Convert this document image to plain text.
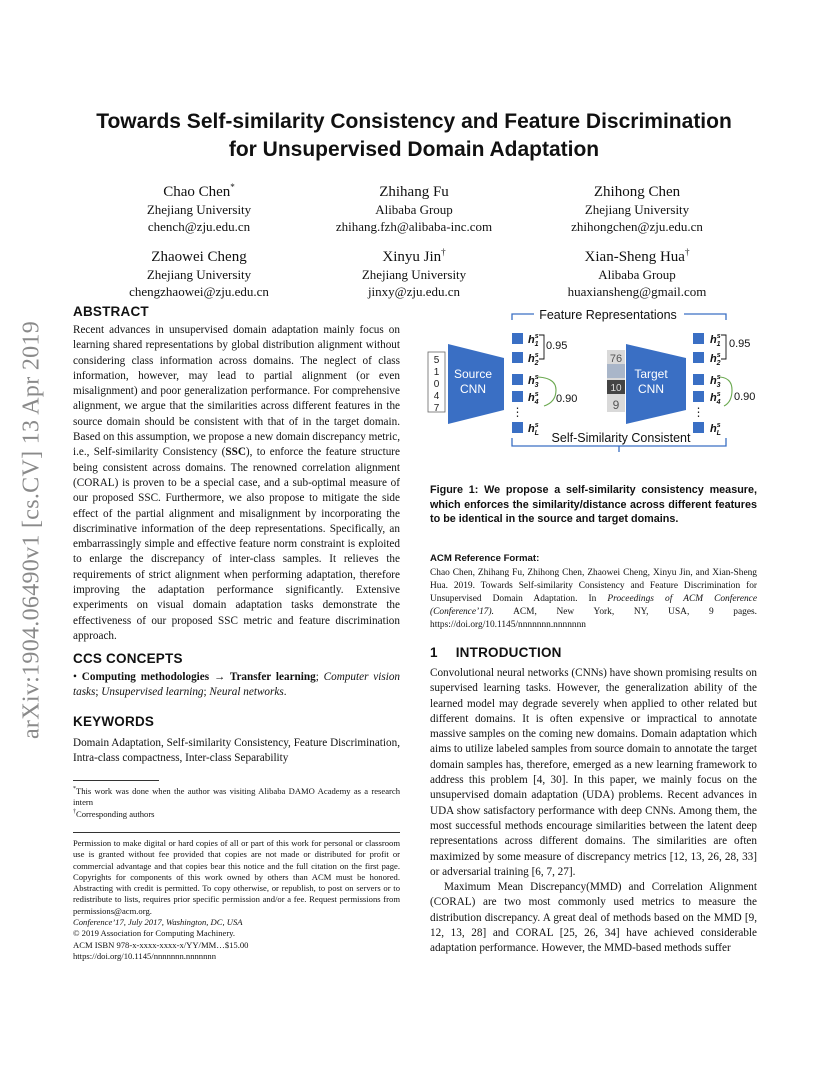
arXiv:1904.06490v1 [cs.CV] 13 Apr 2019
Towards Self-similarity Consistency and Feature Discrimination
for Unsupervised Domain Adaptation
Chao Chen*
Zhejiang University
chench@zju.edu.cn
Zhihang Fu
Alibaba Group
zhihang.fzh@alibaba-inc.com
Zhihong Chen
Zhejiang University
zhihongchen@zju.edu.cn
Zhaowei Cheng
Zhejiang University
chengzhaowei@zju.edu.cn
Xinyu Jin†
Zhejiang University
jinxy@zju.edu.cn
Xian-Sheng Hua†
Alibaba Group
huaxiansheng@gmail.com
ABSTRACT

Recent advances in unsupervised domain adaptation mainly focus on learning shared representations by global distribution alignment without considering class information across domains. The neglect of class information, however, may lead to partial alignment (or even misalignment) and poor generalization performance. For comprehensive alignment, we argue that the similarities across different features in the source domain should be consistent with that of in the target domain. Based on this assumption, we propose a new domain discrepancy metric, i.e., Self-similarity Consistency (SSC), to enforce the feature structure being consistent across domains. The renowned correlation alignment (CORAL) is proven to be a special case, and a sub-optimal measure of our proposed SSC. Furthermore, we also propose to mitigate the side effect of the partial alignment and misalignment by incorporating the discriminative information of the deep representations. Specifically, an embarrassingly simple and effective feature norm constraint is exploited to enlarge the discrepancy of inter-class samples. It relieves the requirements of strict alignment when performing adaptation, therefore improving the adaptation performance significantly. Extensive experiments on visual domain adaptation tasks demonstrate the effectiveness of our proposed SSC metric and feature discrimination approach.

CCS CONCEPTS

• Computing methodologies → Transfer learning; Computer vision tasks; Unsupervised learning; Neural networks.

KEYWORDS
Domain Adaptation, Self-similarity Consistency, Feature Discrimination, Intra-class compactness, Inter-class Separability
*This work was done when the author was visiting Alibaba DAMO Academy as a research intern
†Corresponding authors
Permission to make digital or hard copies of all or part of this work for personal or classroom use is granted without fee provided that copies are not made or distributed for profit or commercial advantage and that copies bear this notice and the full citation on the first page. Copyrights for components of this work owned by others than ACM must be honored. Abstracting with credit is permitted. To copy otherwise, or republish, to post on servers or to redistribute to lists, requires prior specific permission and/or a fee. Request permissions from permissions@acm.org.
Conference’17, July 2017, Washington, DC, USA
© 2019 Association for Computing Machinery.
ACM ISBN 978-x-xxxx-xxxx-x/YY/MM…$15.00
https://doi.org/10.1145/nnnnnnn.nnnnnnn
Feature Representations
5
1
0
4
7
Source
CNN
⋮
$h^s$ 1
$h^s$ 2
$h^s$ 3
$h^s$ 4
$h^s$ L
0.95
0.90
76
10
9
Target
CNN
⋮
$h^s$ 1
$h^s$ 2
$h^s$ 3
$h^s$ 4
$h^s$ L
0.95
0.90
Self-Similarity Consistent
Figure 1: We propose a self-similarity consistency measure, which enforces the similarity/distance across different features to be identical in the source and target domains.
ACM Reference Format:
Chao Chen, Zhihang Fu, Zhihong Chen, Zhaowei Cheng, Xinyu Jin, and Xian-Sheng Hua. 2019. Towards Self-similarity Consistency and Feature Discrimination for Unsupervised Domain Adaptation. In Proceedings of ACM Conference (Conference’17). ACM, New York, NY, USA, 9 pages. https://doi.org/10.1145/nnnnnnn.nnnnnnn
1 INTRODUCTION

Convolutional neural networks (CNNs) have shown promising results on supervised learning tasks. However, the generalization ability of the learned model may degrade severely when applied to other related but different domains. It is often expensive or impractical to annotate massive samples on the coming new domains. Domain adaptation which aims to utilize labeled samples from source domain to annotate the target domain samples has, therefore, emerged as a new learning framework to address this problem [4, 30]. In this paper, we mainly focus on the unsupervised domain adaptation (UDA) problems. Recent advances in UDA show satisfactory performance with deep CNNs. Among them, the most successful methods encourage similarities between the latent deep representations across different domains. The similarities are often maximized by some measure of discrepancy metrics [12, 13, 26, 28, 33] or adversarial training [6, 7, 27].

Maximum Mean Discrepancy(MMD) and Correlation Alignment (CORAL) are two most commonly used metrics to measure the distribution discrepancy. A great deal of methods based on the MMD [9, 12, 13, 28] and CORAL [25, 26, 34] have achieved considerable adaptation performance. However, the MMD-based methods suffer
